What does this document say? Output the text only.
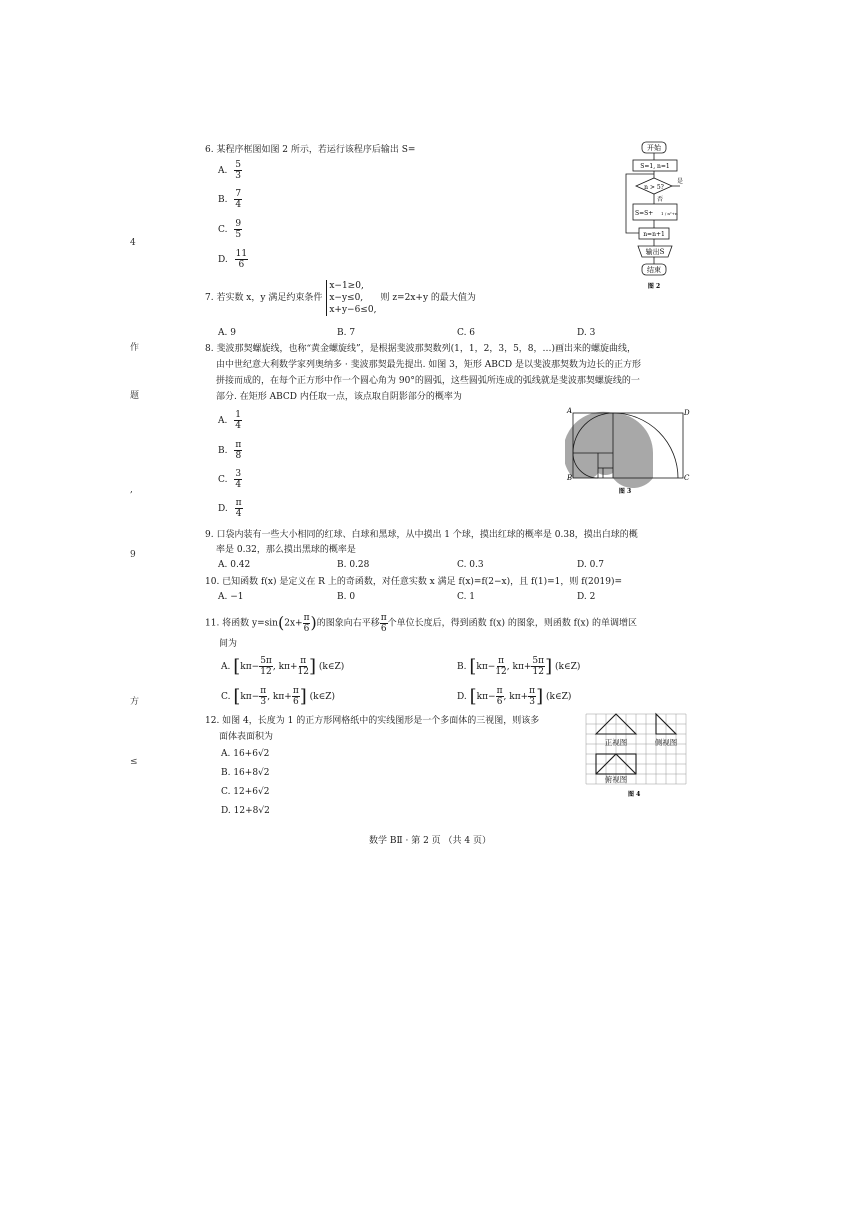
4
作
题
,
9
方
≤
6. 某程序框图如图 2 所示，若运行该程序后输出 S=
A. $\frac{5}{3}$
B. $\frac{7}{4}$
C. $\frac{9}{5}$
D. $\frac{11}{6}$
开始
S=1, n=1
n > 5?
是
否
S=S+ 1 / n²+n
n=n+1
输出S
结束
图 2
7. 若实数 x，y 满足约束条件
x−1≥0,
x−y≤0,
x+y−6≤0,
则 z=2x+y 的最大值为
A. 9	B. 7	C. 6	D. 3
8. 斐波那契螺旋线，也称“黄金螺旋线”，是根据斐波那契数列(1，1，2，3，5，8，…)画出来的螺旋曲线，
由中世纪意大利数学家列奥纳多 · 斐波那契最先提出. 如图 3，矩形 ABCD 是以斐波那契数为边长的正方形
拼接而成的，在每个正方形中作一个圆心角为 90°的圆弧，这些圆弧所连成的弧线就是斐波那契螺旋线的一
部分. 在矩形 ABCD 内任取一点，该点取自阴影部分的概率为
A. $\frac{1}{4}$
B. $\frac{\pi}{8}$
C. $\frac{3}{4}$
D. $\frac{\pi}{4}$
A	D
B	C
图 3
9. 口袋内装有一些大小相同的红球、白球和黑球，从中摸出 1 个球，摸出红球的概率是 0.38，摸出白球的概
率是 0.32，那么摸出黑球的概率是
A. 0.42	B. 0.28	C. 0.3	D. 0.7
10. 已知函数 f(x) 是定义在 R 上的奇函数，对任意实数 x 满足 f(x)=f(2−x)，且 f(1)=1，则 f(2019)=
A. −1	B. 0	C. 1	D. 2
11. 将函数 $y=\sin(2x+ \frac{\pi}{6}$ )的图象向右平移 $\frac{\pi}{6}$ 个单位长度后，得到函数 f(x) 的图象，则函数 f(x) 的单调增区
间为
A. [$k\pi- \frac{5\pi}{12}$ , $k\pi+ \frac{\pi}{12}$ ] (k∈Z)	B. [$k\pi- \frac{\pi}{12}$ , $k\pi+ \frac{5\pi}{12}$ ] (k∈Z)
C. [$k\pi- \frac{\pi}{3}$ , $k\pi+ \frac{\pi}{6}$ ] (k∈Z)	D. [$k\pi- \frac{\pi}{6}$ , $k\pi+ \frac{\pi}{3}$ ] (k∈Z)
12. 如图 4，长度为 1 的正方形网格纸中的实线图形是一个多面体的三视图，则该多
面体表面积为
A. 16+6√2
B. 16+8√2
C. 12+6√2
D. 12+8√2
正视图	侧视图
俯视图
图 4
数学 BⅡ · 第 2 页 （共 4 页）
